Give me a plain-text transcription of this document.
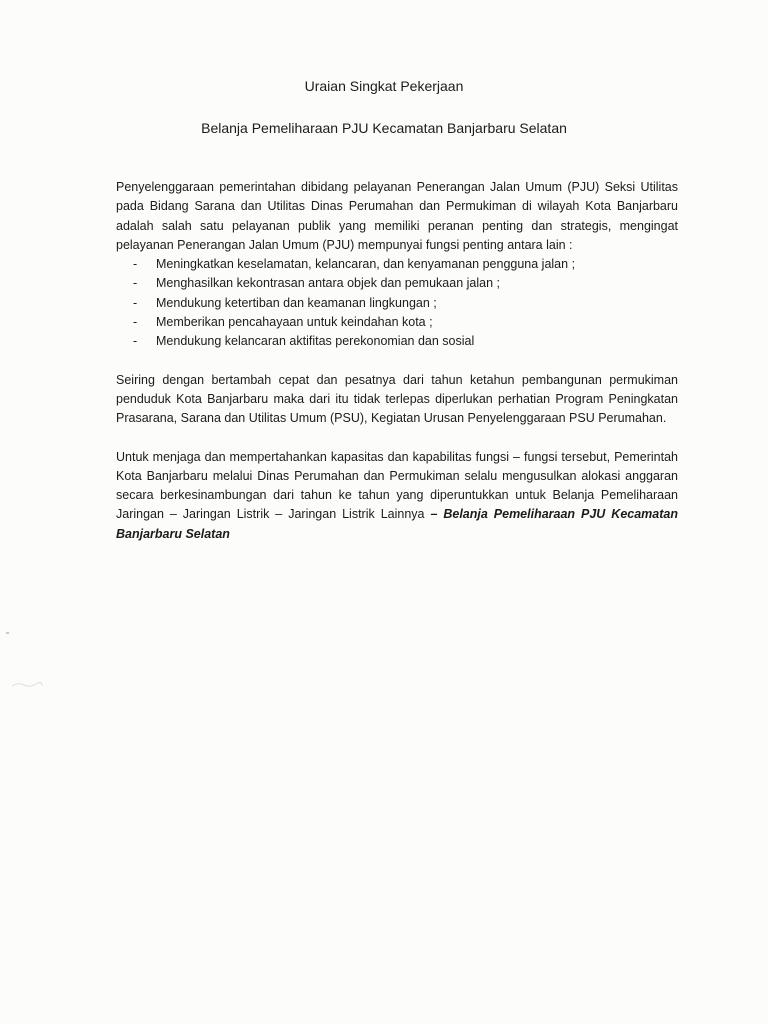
Uraian Singkat Pekerjaan
Belanja Pemeliharaan PJU Kecamatan Banjarbaru Selatan

Penyelenggaraan pemerintahan dibidang pelayanan Penerangan Jalan Umum (PJU) Seksi Utilitas pada Bidang Sarana dan Utilitas Dinas Perumahan dan Permukiman di wilayah Kota Banjarbaru adalah salah satu pelayanan publik yang memiliki peranan penting dan strategis, mengingat pelayanan Penerangan Jalan Umum (PJU) mempunyai fungsi penting antara lain :

- Meningkatkan keselamatan, kelancaran, dan kenyamanan pengguna jalan ;
- Menghasilkan kekontrasan antara objek dan pemukaan jalan ;
- Mendukung ketertiban dan keamanan lingkungan ;
- Memberikan pencahayaan untuk keindahan kota ;
- Mendukung kelancaran aktifitas perekonomian dan sosial

Seiring dengan bertambah cepat dan pesatnya dari tahun ketahun pembangunan permukiman penduduk Kota Banjarbaru maka dari itu tidak terlepas diperlukan perhatian Program Peningkatan Prasarana, Sarana dan Utilitas Umum (PSU), Kegiatan Urusan Penyelenggaraan PSU Perumahan.

Untuk menjaga dan mempertahankan kapasitas dan kapabilitas fungsi – fungsi tersebut, Pemerintah Kota Banjarbaru melalui Dinas Perumahan dan Permukiman selalu mengusulkan alokasi anggaran secara berkesinambungan dari tahun ke tahun yang diperuntukkan untuk Belanja Pemeliharaan Jaringan – Jaringan Listrik – Jaringan Listrik Lainnya – Belanja Pemeliharaan PJU Kecamatan Banjarbaru Selatan
